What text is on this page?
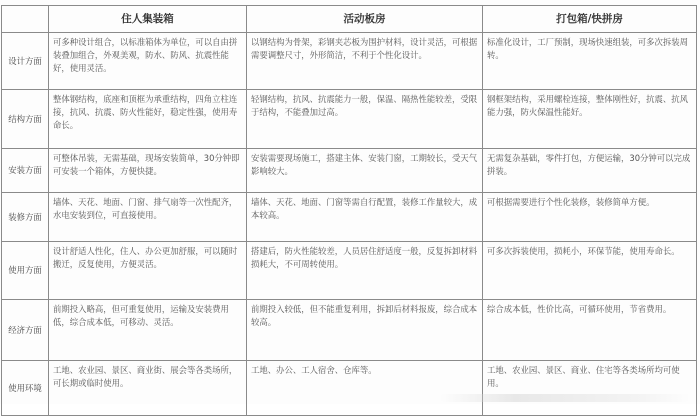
	住人集装箱	活动板房	打包箱/快拼房
设计方面	可多种设计组合，以标准箱体为单位，可以自由拼装叠加组合，外观美观，防水、防风、抗震性能好，使用灵活。	以钢结构为骨架，彩钢夹芯板为围护材料，设计灵活，可根据需要调整尺寸，外形简洁，不利于个性化设计。	标准化设计，工厂预制，现场快速组装，可多次拆装周转。
结构方面	整体钢结构，底座和顶框为承重结构，四角立柱连接，抗风、抗震、防火性能好，稳定性强，使用寿命长。	轻钢结构，抗风、抗震能力一般，保温、隔热性能较差，受限于结构，不能叠加过高。	钢框架结构，采用螺栓连接，整体刚性好，抗震、抗风能力强，防火保温性能好。
安装方面	可整体吊装，无需基础，现场安装简单，30分钟即可安装一个箱体，方便快捷。	安装需要现场施工，搭建主体、安装门窗，工期较长，受天气影响较大。	无需复杂基础，零件打包，方便运输，30分钟可以完成拼装。
装修方面	墙体、天花、地面、门窗、排气扇等一次性配齐，水电安装到位，可直接使用。	墙体、天花、地面、门窗等需自行配置，装修工作量较大，成本较高。	可根据需要进行个性化装修，装修简单方便。
使用方面	设计舒适人性化，住人、办公更加舒服，可以随时搬迁，反复使用，方便灵活。	搭建后，防火性能较差，人员居住舒适度一般，反复拆卸材料损耗大，不可周转使用。	可多次拆装使用，损耗小，环保节能，使用寿命长。
经济方面	前期投入略高，但可重复使用，运输及安装费用低，综合成本低，可移动、灵活。	前期投入较低，但不能重复利用，拆卸后材料报废，综合成本较高。	综合成本低，性价比高，可循环使用，节省费用。
使用环境	工地、农业园、景区、商业街、展会等各类场所，可长期或临时使用。	工地、办公、工人宿舍、仓库等。	工地、农业园、景区、商业、住宅等各类场所均可使用。
